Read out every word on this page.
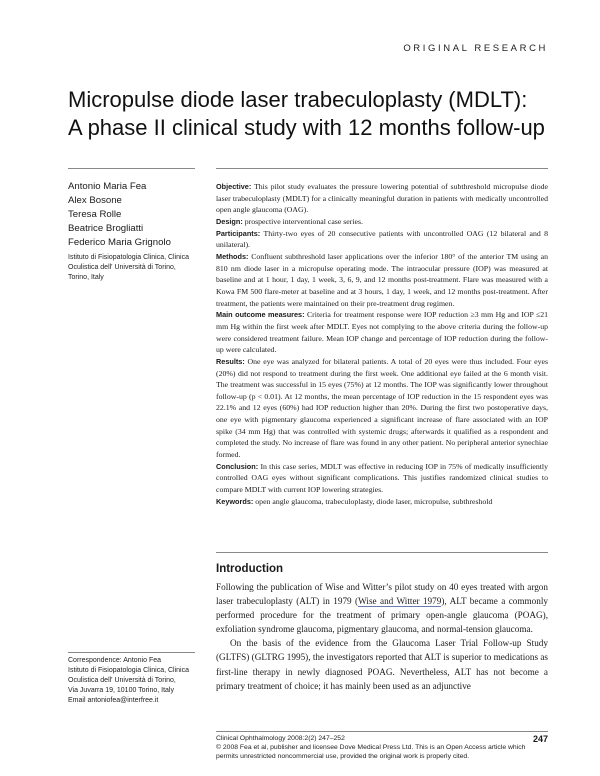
ORIGINAL RESEARCH
Micropulse diode laser trabeculoplasty (MDLT):
A phase II clinical study with 12 months follow-up
Antonio Maria Fea
Alex Bosone
Teresa Rolle
Beatrice Brogliatti
Federico Maria Grignolo
Istituto di Fisiopatologia Clinica, Clinica Oculistica dell' Università di Torino, Torino, Italy

Objective: This pilot study evaluates the pressure lowering potential of subthreshold micropulse diode laser trabeculoplasty (MDLT) for a clinically meaningful duration in patients with medically uncontrolled open angle glaucoma (OAG).

Design: prospective interventional case series.

Participants: Thirty-two eyes of 20 consecutive patients with uncontrolled OAG (12 bilateral and 8 unilateral).

Methods: Confluent subthreshold laser applications over the inferior 180° of the anterior TM using an 810 nm diode laser in a micropulse operating mode. The intraocular pressure (IOP) was measured at baseline and at 1 hour, 1 day, 1 week, 3, 6, 9, and 12 months post-treatment. Flare was measured with a Kowa FM 500 flare-meter at baseline and at 3 hours, 1 day, 1 week, and 12 months post-treatment. After treatment, the patients were maintained on their pre-treatment drug regimen.

Main outcome measures: Criteria for treatment response were IOP reduction ≥3 mm Hg and IOP ≤21 mm Hg within the first week after MDLT. Eyes not complying to the above criteria during the follow-up were considered treatment failure. Mean IOP change and percentage of IOP reduction during the follow-up were calculated.

Results: One eye was analyzed for bilateral patients. A total of 20 eyes were thus included. Four eyes (20%) did not respond to treatment during the first week. One additional eye failed at the 6 month visit. The treatment was successful in 15 eyes (75%) at 12 months. The IOP was significantly lower throughout follow-up (p < 0.01). At 12 months, the mean percentage of IOP reduction in the 15 respondent eyes was 22.1% and 12 eyes (60%) had IOP reduction higher than 20%. During the first two postoperative days, one eye with pigmentary glaucoma experienced a significant increase of flare associated with an IOP spike (34 mm Hg) that was controlled with systemic drugs; afterwards it qualified as a respondent and completed the study. No increase of flare was found in any other patient. No peripheral anterior synechiae formed.

Conclusion: In this case series, MDLT was effective in reducing IOP in 75% of medically insufficiently controlled OAG eyes without significant complications. This justifies randomized clinical studies to compare MDLT with current IOP lowering strategies.

Keywords: open angle glaucoma, trabeculoplasty, diode laser, micropulse, subthreshold

Introduction

Following the publication of Wise and Witter’s pilot study on 40 eyes treated with argon laser trabeculoplasty (ALT) in 1979 (Wise and Witter 1979), ALT became a commonly performed procedure for the treatment of primary open-angle glaucoma (POAG), exfoliation syndrome glaucoma, pigmentary glaucoma, and normal-tension glaucoma.

On the basis of the evidence from the Glaucoma Laser Trial Follow-up Study (GLTFS) (GLTRG 1995), the investigators reported that ALT is superior to medications as first-line therapy in newly diagnosed POAG. Nevertheless, ALT has not become a primary treatment of choice; it has mainly been used as an adjunctive

Correspondence: Antonio Fea
Istituto di Fisiopatologia Clinica, Clinica
Oculistica dell' Università di Torino,
Via Juvarra 19, 10100 Torino, Italy
Email antoniofea@interfree.it
Clinical Ophthalmology 2008:2(2) 247–252
© 2008 Fea et al, publisher and licensee Dove Medical Press Ltd. This is an Open Access article which permits unrestricted noncommercial use, provided the original work is properly cited.
247
